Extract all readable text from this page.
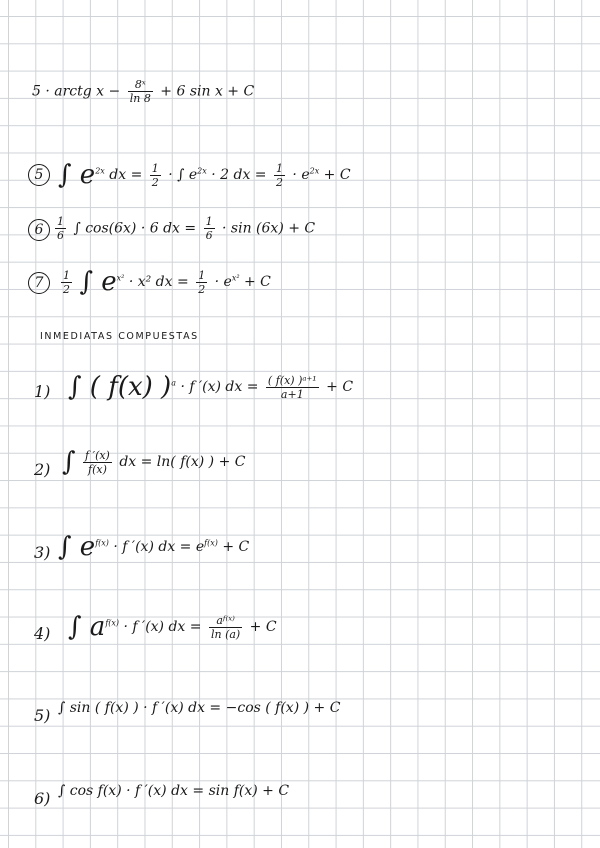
5 · arctg $x - \frac{\text{8ˣ}}{\ln 8} + 6$ sin x + C
5 ∫ $e^{2x}$ dx = $\frac{1}{2}$ · ∫ $e^{2x} \cdot 2$ dx = $\frac{1}{2} \cdot e^{2x} + C$
6	$\frac{1}{6}$ ∫ cos(6x) · 6 dx = $\frac{1}{6} \cdot \sin (6x) + C$
7	$\frac{1}{2}$ ∫ $e^{x^2} \cdot x^2$ dx = $\frac{1}{2} \cdot e^{x^2} + C$
INMEDIATAS COMPUESTAS
1) ∫ ( f(x) )$^a$ · f ′(x) dx = $\frac{\text{( f(x) )ᵃ⁺¹}}{a+1} + C$
2) ∫ $\frac{f '(x)}{f(x)}$ dx = ln( f(x) ) + C
3) ∫ $e^{f(x)} \cdot f$ ′(x) dx = $e^{f(x)} + C$
4) ∫ $a^{f(x)} \cdot f$ ′(x) dx = $\frac{\text{aᶠ⁽ˣ⁾}}{\ln (a)} + C$
5) ∫ sin ( f(x) ) · f ′(x) dx = −cos ( f(x) ) + C
6) ∫ cos f(x) · f ′(x) dx = sin f(x) + C
